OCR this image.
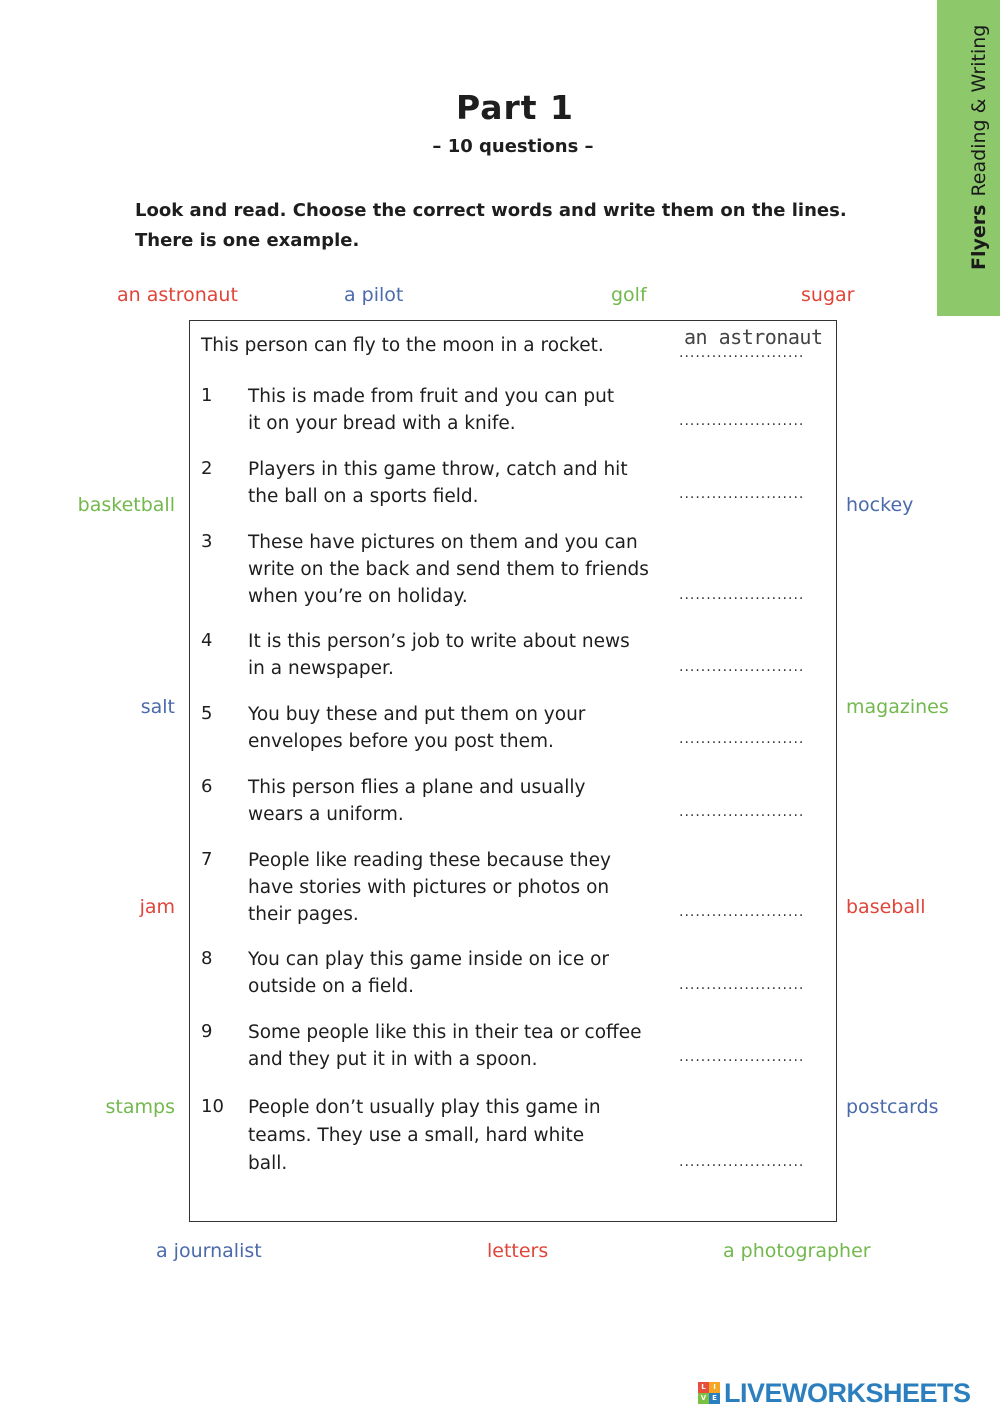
FlyersReading & Writing
Part 1
– 10 questions –
Look and read. Choose the correct words and write them on the lines.
There is one example.
an astronaut	a pilot	golf	sugar
basketball
salt
jam
stamps
hockey
magazines
baseball
postcards
a journalist	letters	a photographer
This person can fly to the moon in a rocket.	an astronaut
.......................
1 This is made from fruit and you can put
it on your bread with a knife.	.......................
2 Players in this game throw, catch and hit
the ball on a sports field.	.......................
3 These have pictures on them and you can
write on the back and send them to friends
when you’re on holiday.	.......................
4 It is this person’s job to write about news
in a newspaper.	.......................
5 You buy these and put them on your
envelopes before you post them.	.......................
6 This person flies a plane and usually
wears a uniform.	.......................
7 People like reading these because they
have stories with pictures or photos on
their pages.	.......................
8 You can play this game inside on ice or
outside on a field.	.......................
9 Some people like this in their tea or coffee
and they put it in with a spoon.	.......................
10 People don’t usually play this game in
teams. They use a small, hard white
ball.	.......................
L	I
V E LIVEWORKSHEETS
